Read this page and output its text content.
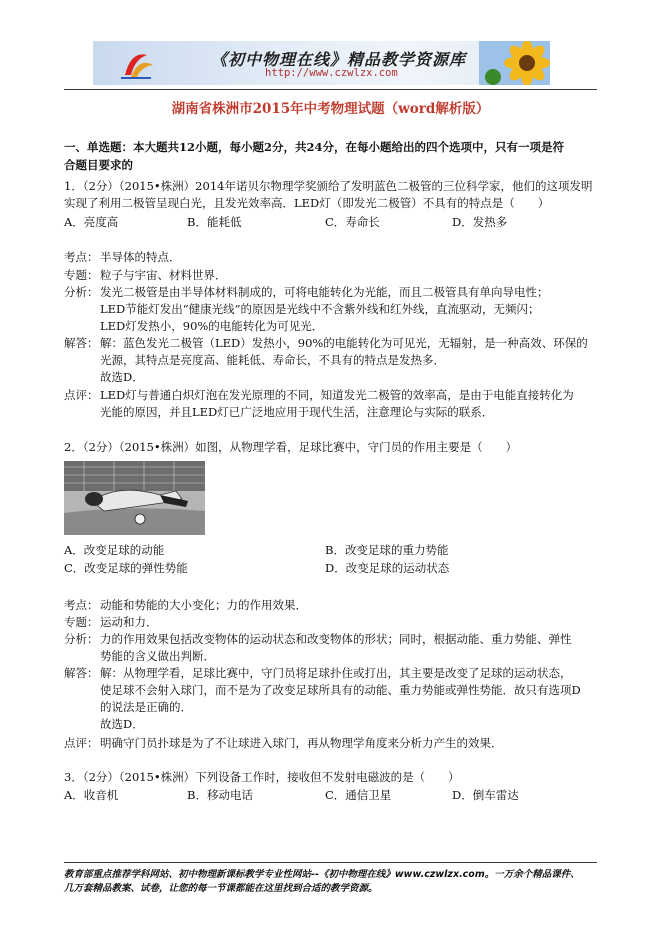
《初中物理在线》精品教学资源库
http://www.czwlzx.com
湖南省株洲市2015年中考物理试题（word解析版）
一、单选题：本大题共12小题，每小题2分，共24分，在每小题给出的四个选项中，只有一项是符
合题目要求的
1．（2分）（2015•株洲）2014年诺贝尔物理学奖颁给了发明蓝色二极管的三位科学家，他们的这项发明
实现了利用二极管呈现白光，且发光效率高．LED灯（即发光二极管）不具有的特点是（　　）
A．亮度高	B．能耗低	C．寿命长	D．发热多
考点： 半导体的特点．
专题： 粒子与宇宙、材料世界．
分析： 发光二极管是由半导体材料制成的，可将电能转化为光能，而且二极管具有单向导电性；
LED节能灯发出“健康光线”的原因是光线中不含紫外线和红外线，直流驱动，无频闪；
LED灯发热小，90%的电能转化为可见光．
解答： 解：蓝色发光二极管（LED）发热小，90%的电能转化为可见光，无辐射，是一种高效、环保的
光源，其特点是亮度高、能耗低、寿命长，不具有的特点是发热多．
故选D．
点评： LED灯与普通白炽灯泡在发光原理的不同，知道发光二极管的效率高，是由于电能直接转化为
光能的原因，并且LED灯已广泛地应用于现代生活，注意理论与实际的联系．
2．（2分）（2015•株洲）如图，从物理学看，足球比赛中，守门员的作用主要是（　　）
A．改变足球的动能	B．改变足球的重力势能
C．改变足球的弹性势能	D．改变足球的运动状态
考点： 动能和势能的大小变化；力的作用效果．
专题： 运动和力．
分析： 力的作用效果包括改变物体的运动状态和改变物体的形状；同时，根据动能、重力势能、弹性
势能的含义做出判断．
解答： 解：从物理学看，足球比赛中，守门员将足球扑住或打出，其主要是改变了足球的运动状态，
使足球不会射入球门，而不是为了改变足球所具有的动能、重力势能或弹性势能．故只有选项D
的说法是正确的．
故选D．
点评： 明确守门员扑球是为了不让球进入球门，再从物理学角度来分析力产生的效果．
3．（2分）（2015•株洲）下列设备工作时，接收但不发射电磁波的是（　　）
A．收音机	B．移动电话	C．通信卫星	D．倒车雷达
教育部重点推荐学科网站、初中物理新课标教学专业性网站--《初中物理在线》www.czwlzx.com。一万余个精品课件、
几万套精品教案、试卷，让您的每一节课都能在这里找到合适的教学资源。
